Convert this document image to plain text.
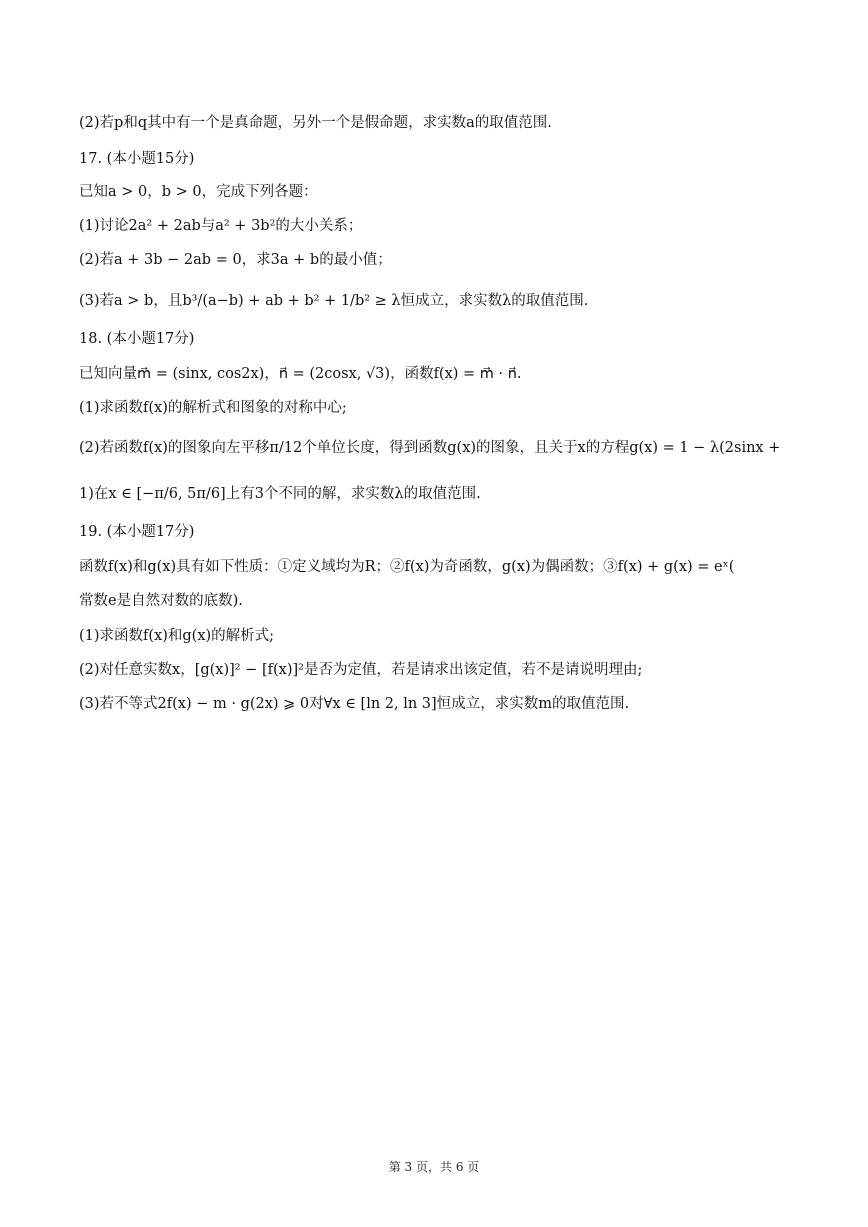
(2)若p和q其中有一个是真命题，另外一个是假命题，求实数a的取值范围.
17. (本小题15分)
已知a > 0，b > 0，完成下列各题：
(1)讨论2a² + 2ab与a² + 3b²的大小关系；
(2)若a + 3b − 2ab = 0，求3a + b的最小值；
(3)若a > b，且b³/(a−b) + ab + b² + 1/b² ≥ λ恒成立，求实数λ的取值范围.
18. (本小题17分)
已知向量m⃗ = (sinx, cos2x)，n⃗ = (2cosx, √3)，函数f(x) = m⃗ · n⃗.
(1)求函数f(x)的解析式和图象的对称中心;
(2)若函数f(x)的图象向左平移π/12个单位长度，得到函数g(x)的图象，且关于x的方程g(x) = 1 − λ(2sinx +
1)在x ∈ [−π/6, 5π/6]上有3个不同的解，求实数λ的取值范围.
19. (本小题17分)
函数f(x)和g(x)具有如下性质：①定义域均为R；②f(x)为奇函数，g(x)为偶函数；③f(x) + g(x) = eˣ(
常数e是自然对数的底数).
(1)求函数f(x)和g(x)的解析式;
(2)对任意实数x，[g(x)]² − [f(x)]²是否为定值，若是请求出该定值，若不是请说明理由;
(3)若不等式2f(x) − m · g(2x) ⩾ 0对∀x ∈ [ln 2, ln 3]恒成立，求实数m的取值范围.
第 3 页，共 6 页
